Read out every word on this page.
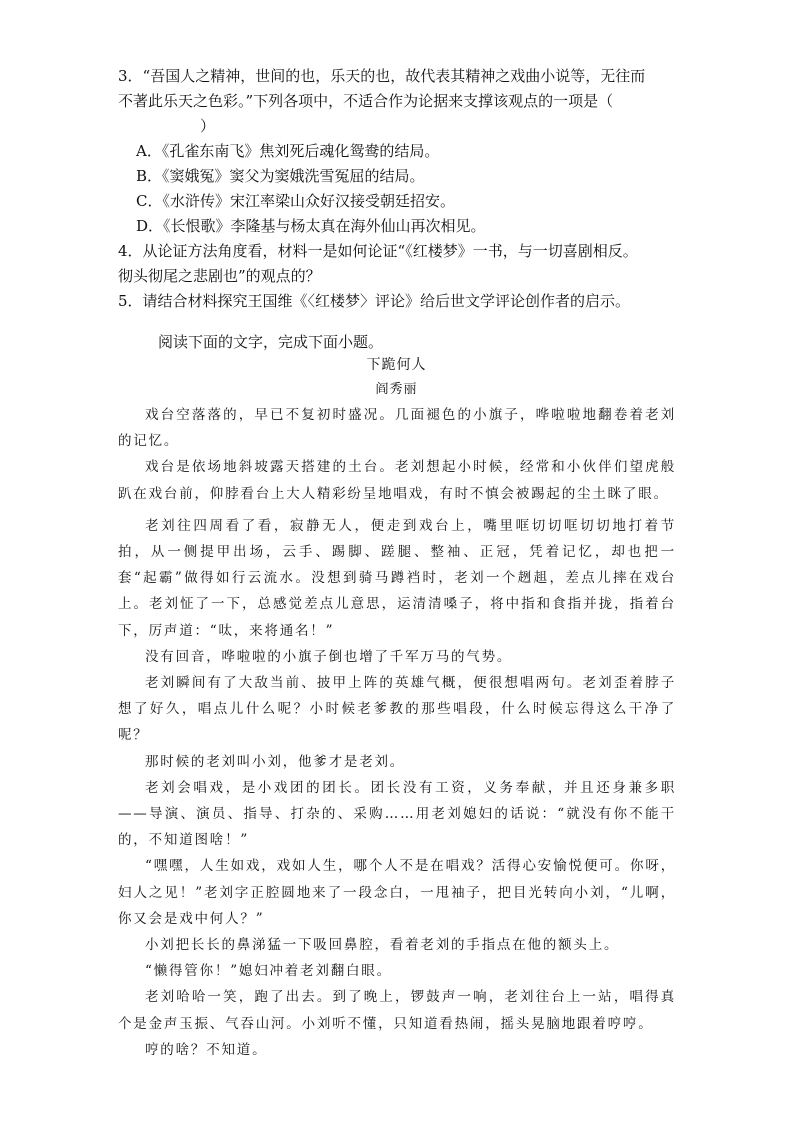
3．“吾国人之精神，世间的也，乐天的也，故代表其精神之戏曲小说等，无往而

不著此乐天之色彩。”下列各项中，不适合作为论据来支撑该观点的一项是（

）

A．《孔雀东南飞》焦刘死后魂化鸳鸯的结局。

B．《窦娥冤》窦父为窦娥洗雪冤屈的结局。

C．《水浒传》宋江率梁山众好汉接受朝廷招安。

D．《长恨歌》李隆基与杨太真在海外仙山再次相见。

4．从论证方法角度看，材料一是如何论证“《红楼梦》一书，与一切喜剧相反。

彻头彻尾之悲剧也”的观点的？

5．请结合材料探究王国维《〈红楼梦〉评论》给后世文学评论创作者的启示。

阅读下面的文字，完成下面小题。
下跪何人
阎秀丽

戏台空落落的，早已不复初时盛况。几面褪色的小旗子，哗啦啦地翻卷着老刘的记忆。

戏台是依场地斜坡露天搭建的土台。老刘想起小时候，经常和小伙伴们望虎般趴在戏台前，仰脖看台上大人精彩纷呈地唱戏，有时不慎会被踢起的尘土眯了眼。

老刘往四周看了看，寂静无人，便走到戏台上，嘴里哐切切哐切切地打着节拍，从一侧提甲出场，云手、踢脚、蹉腿、整袖、正冠，凭着记忆，却也把一套“起霸”做得如行云流水。没想到骑马蹲裆时，老刘一个趔趄，差点儿摔在戏台上。老刘怔了一下，总感觉差点儿意思，运清清嗓子，将中指和食指并拢，指着台下，厉声道：“呔，来将通名！”

没有回音，哗啦啦的小旗子倒也增了千军万马的气势。

老刘瞬间有了大敌当前、披甲上阵的英雄气概，便很想唱两句。老刘歪着脖子想了好久，唱点儿什么呢？小时候老爹教的那些唱段，什么时候忘得这么干净了呢？

那时候的老刘叫小刘，他爹才是老刘。

老刘会唱戏，是小戏团的团长。团长没有工资，义务奉献，并且还身兼多职——导演、演员、指导、打杂的、采购……用老刘媳妇的话说：“就没有你不能干的，不知道图啥！”

“嘿嘿，人生如戏，戏如人生，哪个人不是在唱戏？活得心安愉悦便可。你呀，妇人之见！”老刘字正腔圆地来了一段念白，一甩袖子，把目光转向小刘，“儿啊，你又会是戏中何人？”

小刘把长长的鼻涕猛一下吸回鼻腔，看着老刘的手指点在他的额头上。

“懒得管你！”媳妇冲着老刘翻白眼。

老刘哈哈一笑，跑了出去。到了晚上，锣鼓声一响，老刘往台上一站，唱得真个是金声玉振、气吞山河。小刘听不懂，只知道看热闹，摇头晃脑地跟着哼哼。

哼的啥？不知道。
